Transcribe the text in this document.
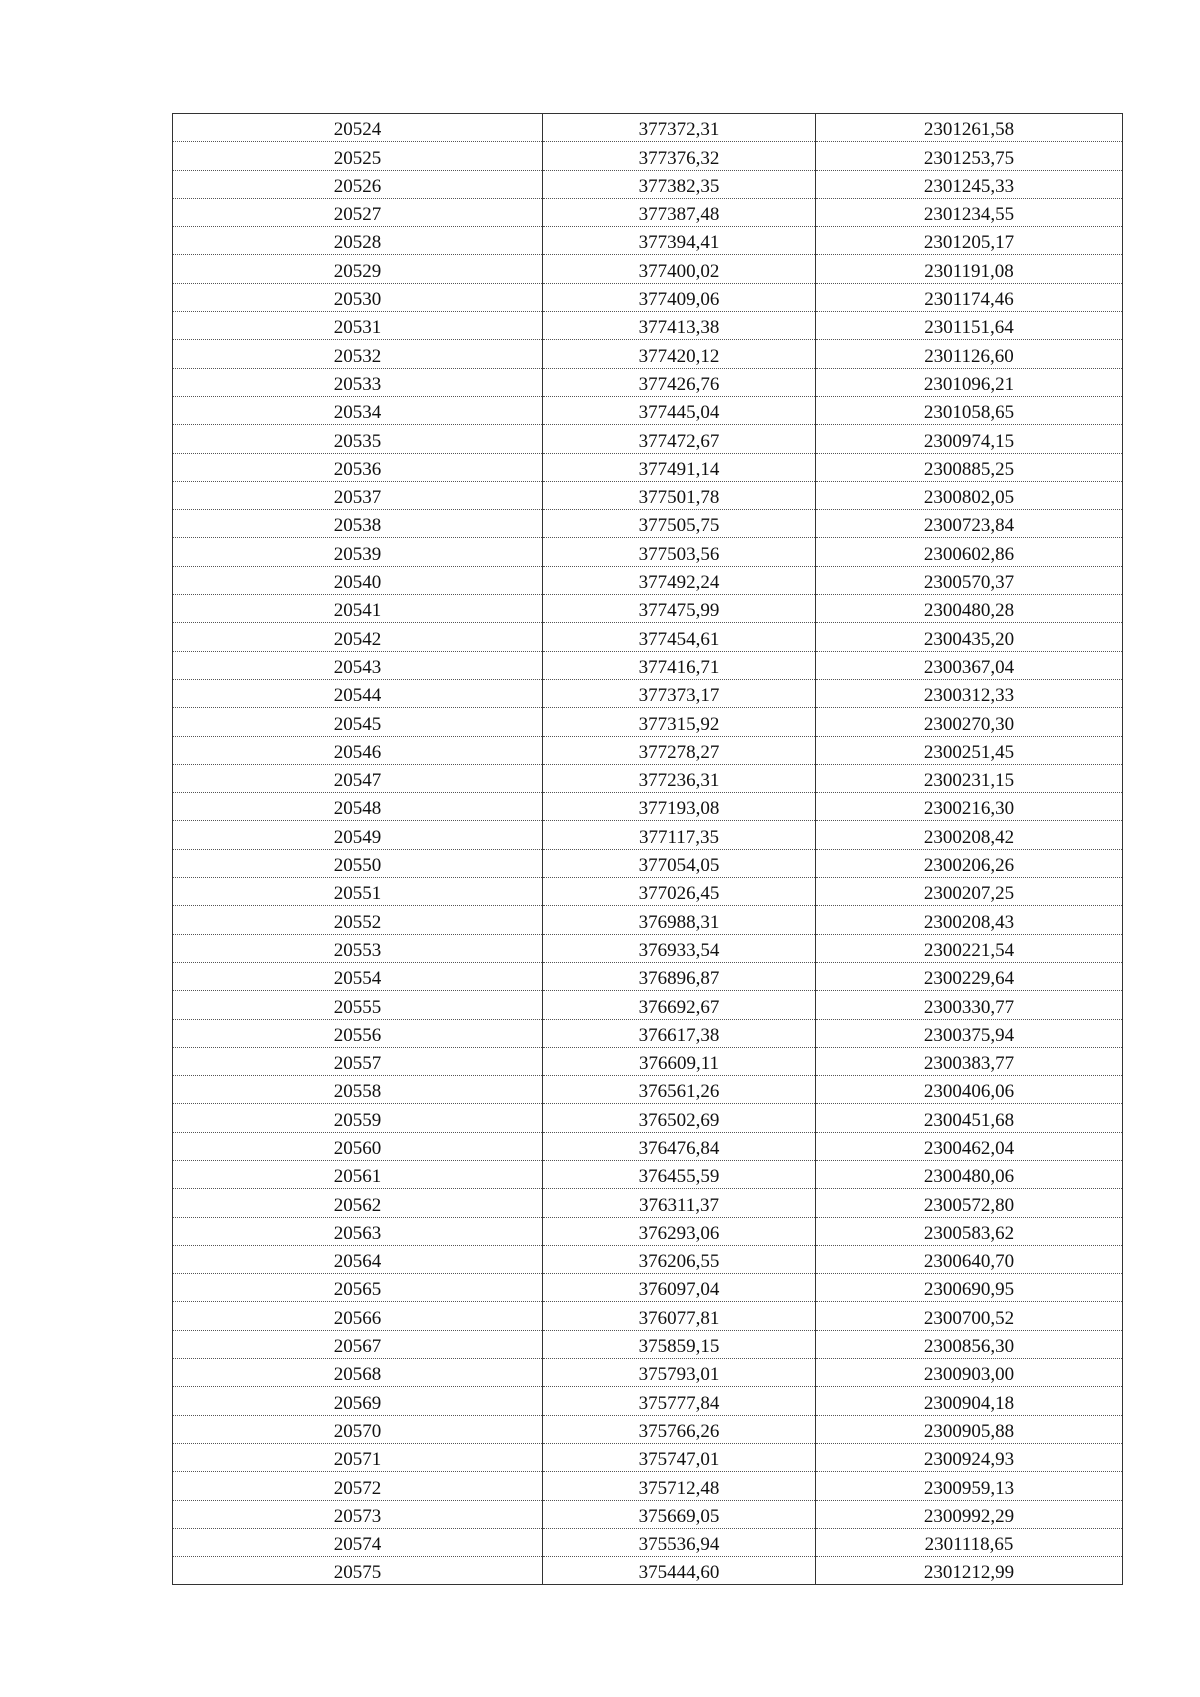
20524	377372,31	2301261,58
20525	377376,32	2301253,75
20526	377382,35	2301245,33
20527	377387,48	2301234,55
20528	377394,41	2301205,17
20529	377400,02	2301191,08
20530	377409,06	2301174,46
20531	377413,38	2301151,64
20532	377420,12	2301126,60
20533	377426,76	2301096,21
20534	377445,04	2301058,65
20535	377472,67	2300974,15
20536	377491,14	2300885,25
20537	377501,78	2300802,05
20538	377505,75	2300723,84
20539	377503,56	2300602,86
20540	377492,24	2300570,37
20541	377475,99	2300480,28
20542	377454,61	2300435,20
20543	377416,71	2300367,04
20544	377373,17	2300312,33
20545	377315,92	2300270,30
20546	377278,27	2300251,45
20547	377236,31	2300231,15
20548	377193,08	2300216,30
20549	377117,35	2300208,42
20550	377054,05	2300206,26
20551	377026,45	2300207,25
20552	376988,31	2300208,43
20553	376933,54	2300221,54
20554	376896,87	2300229,64
20555	376692,67	2300330,77
20556	376617,38	2300375,94
20557	376609,11	2300383,77
20558	376561,26	2300406,06
20559	376502,69	2300451,68
20560	376476,84	2300462,04
20561	376455,59	2300480,06
20562	376311,37	2300572,80
20563	376293,06	2300583,62
20564	376206,55	2300640,70
20565	376097,04	2300690,95
20566	376077,81	2300700,52
20567	375859,15	2300856,30
20568	375793,01	2300903,00
20569	375777,84	2300904,18
20570	375766,26	2300905,88
20571	375747,01	2300924,93
20572	375712,48	2300959,13
20573	375669,05	2300992,29
20574	375536,94	2301118,65
20575	375444,60	2301212,99
